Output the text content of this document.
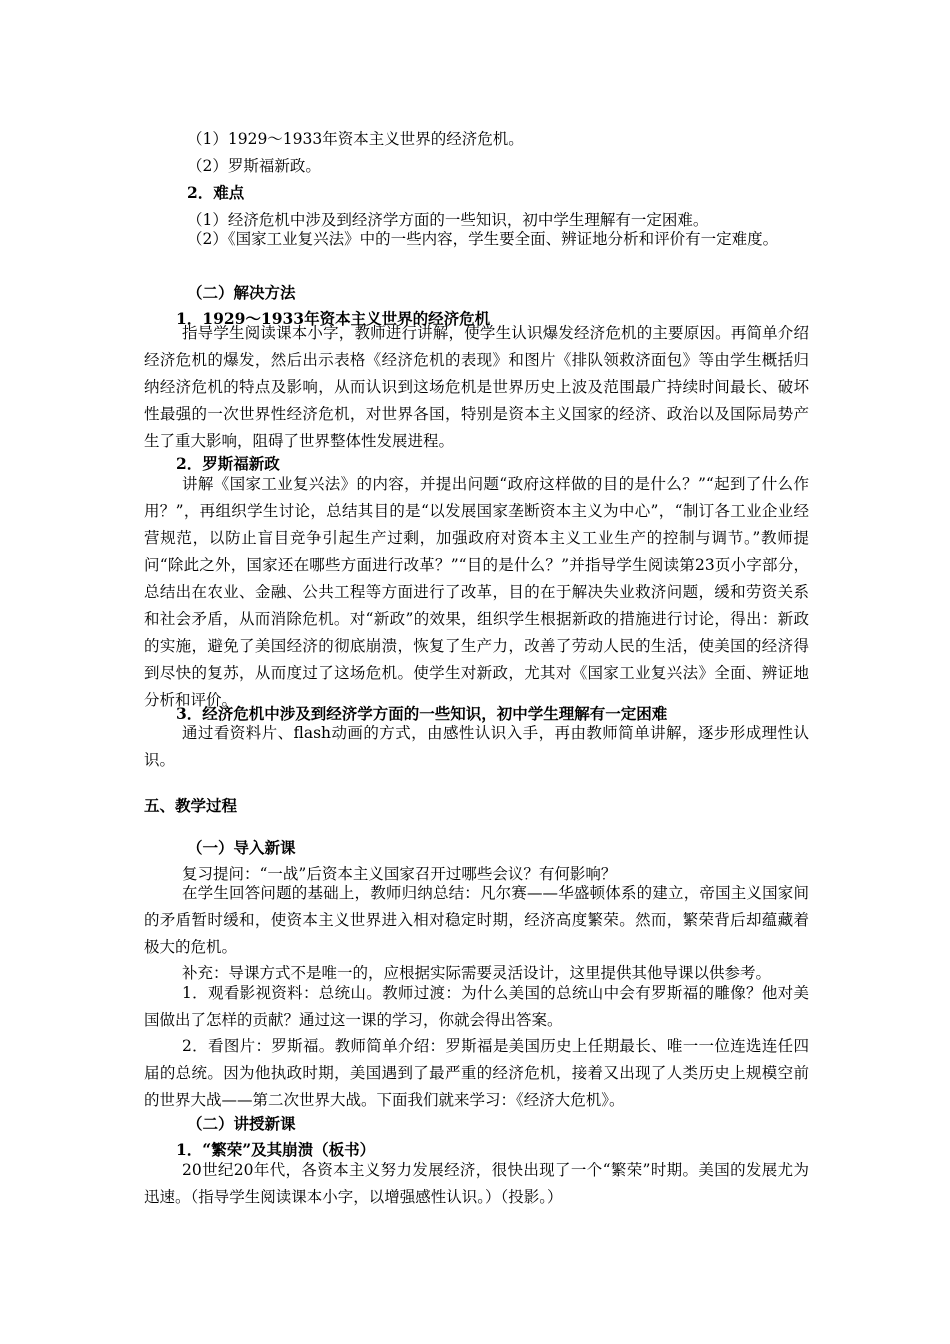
（1）1929～1933年资本主义世界的经济危机。
（2）罗斯福新政。
2．难点
（1）经济危机中涉及到经济学方面的一些知识，初中学生理解有一定困难。
（2）《国家工业复兴法》中的一些内容，学生要全面、辨证地分析和评价有一定难度。
（二）解决方法
1．1929～1933年资本主义世界的经济危机
指导学生阅读课本小字，教师进行讲解，使学生认识爆发经济危机的主要原因。再简单介绍经济危机的爆发，然后出示表格《经济危机的表现》和图片《排队领救济面包》等由学生概括归纳经济危机的特点及影响，从而认识到这场危机是世界历史上波及范围最广持续时间最长、破坏性最强的一次世界性经济危机，对世界各国，特别是资本主义国家的经济、政治以及国际局势产生了重大影响，阻碍了世界整体性发展进程。
2．罗斯福新政
讲解《国家工业复兴法》的内容，并提出问题“政府这样做的目的是什么？”“起到了什么作用？”，再组织学生讨论，总结其目的是“以发展国家垄断资本主义为中心”，“制订各工业企业经营规范，以防止盲目竞争引起生产过剩，加强政府对资本主义工业生产的控制与调节。”教师提问“除此之外，国家还在哪些方面进行改革？”“目的是什么？”并指导学生阅读第23页小字部分，总结出在农业、金融、公共工程等方面进行了改革，目的在于解决失业救济问题，缓和劳资关系和社会矛盾，从而消除危机。对“新政”的效果，组织学生根据新政的措施进行讨论，得出：新政的实施，避免了美国经济的彻底崩溃，恢复了生产力，改善了劳动人民的生活，使美国的经济得到尽快的复苏，从而度过了这场危机。使学生对新政，尤其对《国家工业复兴法》全面、辨证地分析和评价。
3．经济危机中涉及到经济学方面的一些知识，初中学生理解有一定困难
通过看资料片、flash动画的方式，由感性认识入手，再由教师简单讲解，逐步形成理性认识。
五、教学过程
（一）导入新课
复习提问：“一战”后资本主义国家召开过哪些会议？有何影响？
在学生回答问题的基础上，教师归纳总结：凡尔赛——华盛顿体系的建立，帝国主义国家间的矛盾暂时缓和，使资本主义世界进入相对稳定时期，经济高度繁荣。然而，繁荣背后却蕴藏着极大的危机。
补充：导课方式不是唯一的，应根据实际需要灵活设计，这里提供其他导课以供参考。
1．观看影视资料：总统山。教师过渡：为什么美国的总统山中会有罗斯福的雕像？他对美国做出了怎样的贡献？通过这一课的学习，你就会得出答案。
2．看图片：罗斯福。教师简单介绍：罗斯福是美国历史上任期最长、唯一一位连选连任四届的总统。因为他执政时期，美国遇到了最严重的经济危机，接着又出现了人类历史上规模空前的世界大战——第二次世界大战。下面我们就来学习：《经济大危机》。
（二）讲授新课
1．“繁荣”及其崩溃（板书）
20世纪20年代，各资本主义努力发展经济，很快出现了一个“繁荣”时期。美国的发展尤为迅速。（指导学生阅读课本小字，以增强感性认识。）（投影。）
